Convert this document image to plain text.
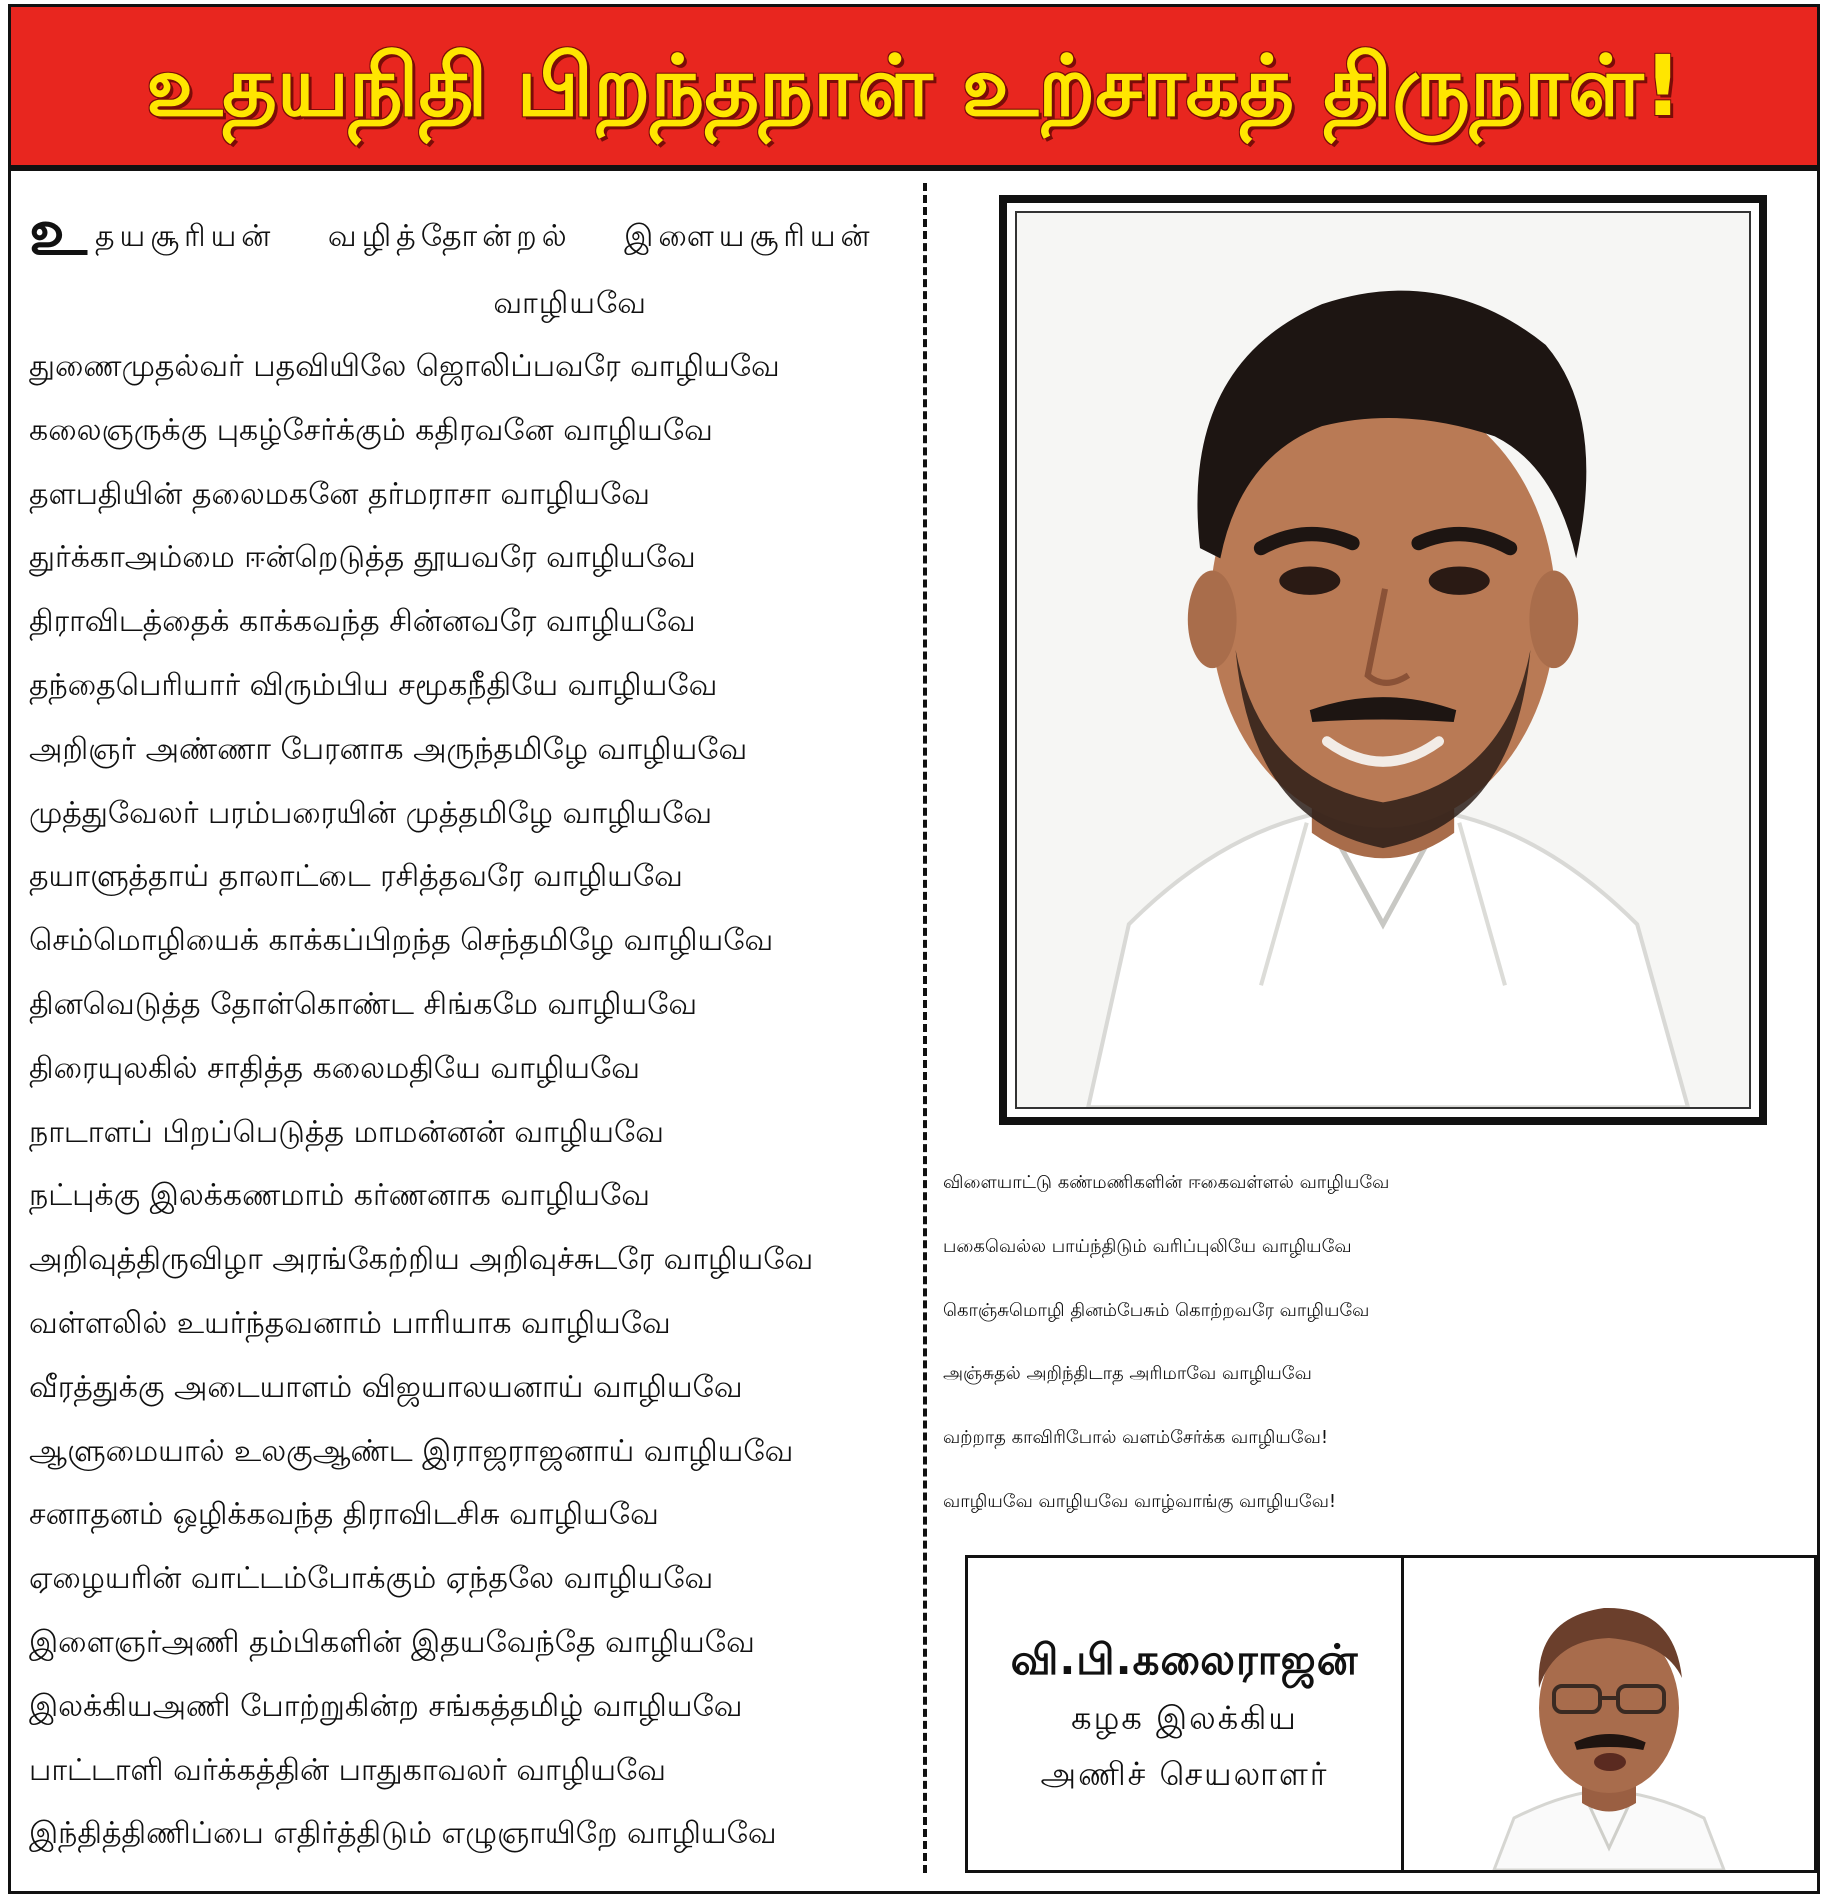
உதயநிதி பிறந்தநாள் உற்சாகத் திருநாள்!
உ தயசூரியன் வழித்தோன்றல் இளையசூரியன்
வாழியவே
துணைமுதல்வர் பதவியிலே ஜொலிப்பவரே வாழியவே
கலைஞருக்கு புகழ்சேர்க்கும் கதிரவனே வாழியவே
தளபதியின் தலைமகனே தர்மராசா வாழியவே
துர்க்காஅம்மை ஈன்றெடுத்த தூயவரே வாழியவே
திராவிடத்தைக் காக்கவந்த சின்னவரே வாழியவே
தந்தைபெரியார் விரும்பிய சமூகநீதியே வாழியவே
அறிஞர் அண்ணா பேரனாக அருந்தமிழே வாழியவே
முத்துவேலர் பரம்பரையின் முத்தமிழே வாழியவே
தயாளுத்தாய் தாலாட்டை ரசித்தவரே வாழியவே
செம்மொழியைக் காக்கப்பிறந்த செந்தமிழே வாழியவே
தினவெடுத்த தோள்கொண்ட சிங்கமே வாழியவே
திரையுலகில் சாதித்த கலைமதியே வாழியவே
நாடாளப் பிறப்பெடுத்த மாமன்னன் வாழியவே
நட்புக்கு இலக்கணமாம் கர்ணனாக வாழியவே
அறிவுத்திருவிழா அரங்கேற்றிய அறிவுச்சுடரே வாழியவே
வள்ளலில் உயர்ந்தவனாம் பாரியாக வாழியவே
வீரத்துக்கு அடையாளம் விஜயாலயனாய் வாழியவே
ஆளுமையால் உலகுஆண்ட இராஜராஜனாய் வாழியவே
சனாதனம் ஒழிக்கவந்த திராவிடசிசு வாழியவே
ஏழையரின் வாட்டம்போக்கும் ஏந்தலே வாழியவே
இளைஞர்அணி தம்பிகளின் இதயவேந்தே வாழியவே
இலக்கியஅணி போற்றுகின்ற சங்கத்தமிழ் வாழியவே
பாட்டாளி வர்க்கத்தின் பாதுகாவலர் வாழியவே
இந்தித்திணிப்பை எதிர்த்திடும் எழுஞாயிறே வாழியவே
விளையாட்டு கண்மணிகளின் ஈகைவள்ளல் வாழியவே
பகைவெல்ல பாய்ந்திடும் வரிப்புலியே வாழியவே
கொஞ்சுமொழி தினம்பேசும் கொற்றவரே வாழியவே
அஞ்சுதல் அறிந்திடாத அரிமாவே வாழியவே
வற்றாத காவிரிபோல் வளம்சேர்க்க வாழியவே!
வாழியவே வாழியவே வாழ்வாங்கு வாழியவே!
வி.பி.கலைராஜன்
கழக இலக்கிய
அணிச் செயலாளர்
